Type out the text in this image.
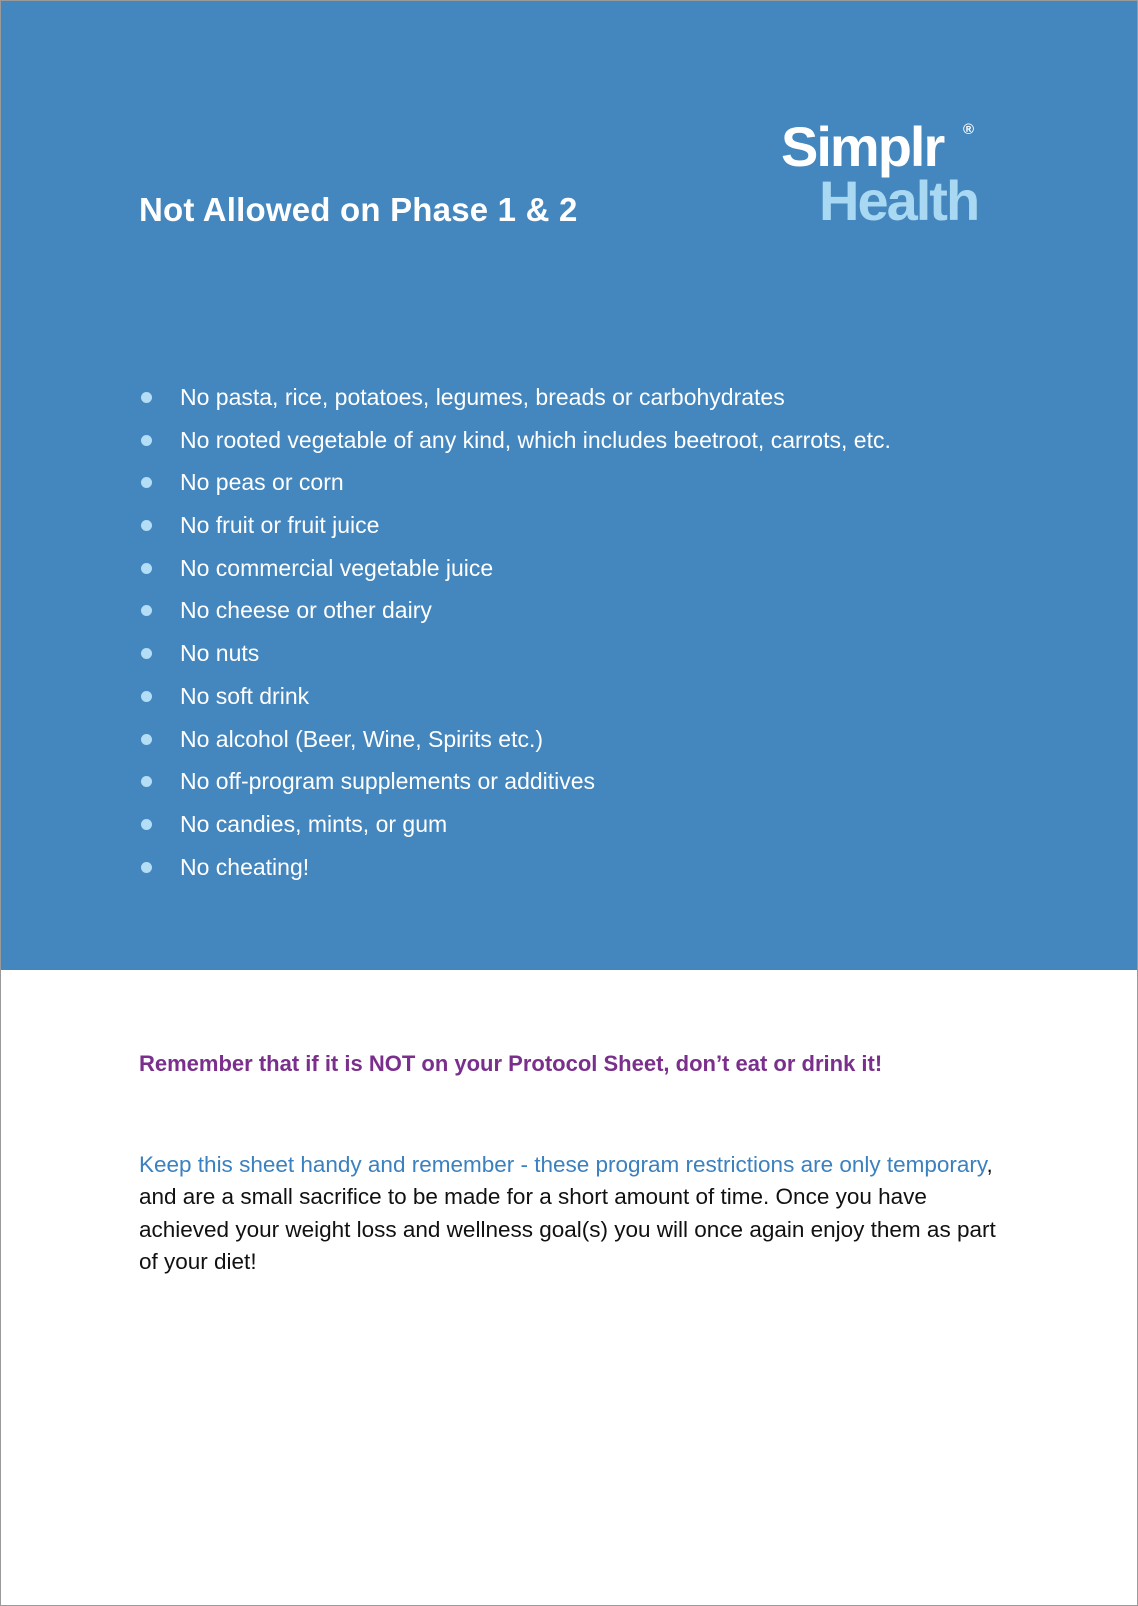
Not Allowed on Phase 1 & 2
Simplr ®
Health
No pasta, rice, potatoes, legumes, breads or carbohydrates
No rooted vegetable of any kind, which includes beetroot, carrots, etc.
No peas or corn
No fruit or fruit juice
No commercial vegetable juice
No cheese or other dairy
No nuts
No soft drink
No alcohol (Beer, Wine, Spirits etc.)
No off-program supplements or additives
No candies, mints, or gum
No cheating!

Remember that if it is NOT on your Protocol Sheet, don’t eat or drink it!

Keep this sheet handy and remember - these program restrictions are only temporary, and are a small sacrifice to be made for a short amount of time. Once you have achieved your weight loss and wellness goal(s) you will once again enjoy them as part of your diet!
